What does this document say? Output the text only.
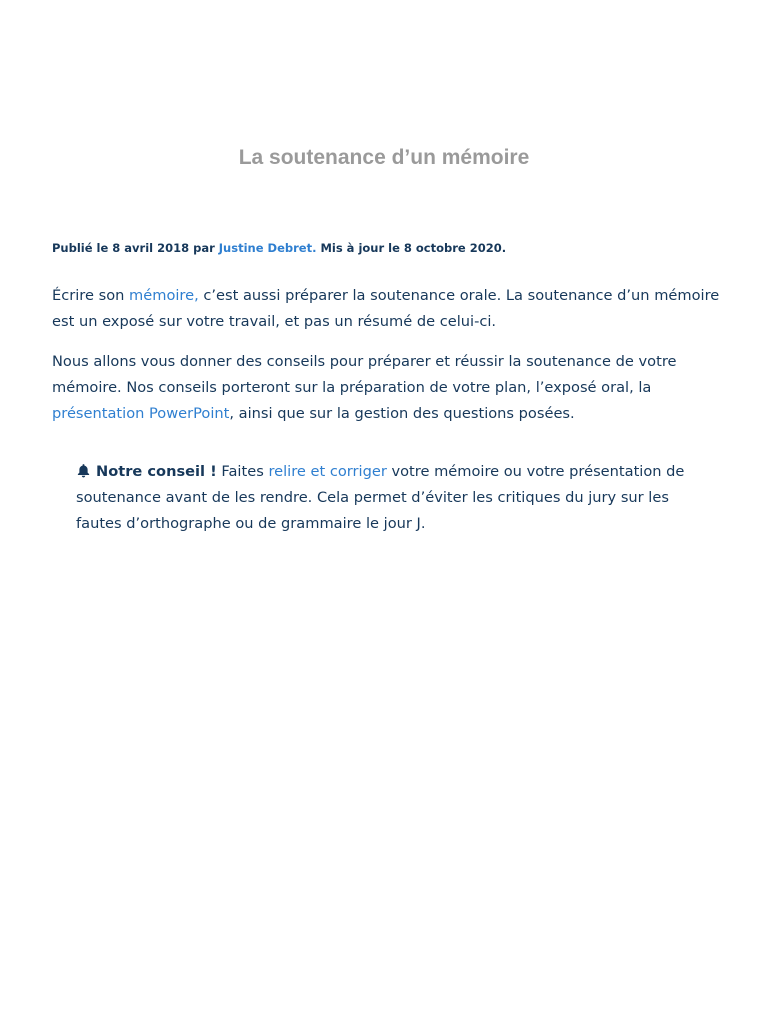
La soutenance d’un mémoire
Publié le 8 avril 2018 par Justine Debret. Mis à jour le 8 octobre 2020.

Écrire son mémoire, c’est aussi préparer la soutenance orale. La soutenance d’un mémoire est un exposé sur votre travail, et pas un résumé de celui-ci.

Nous allons vous donner des conseils pour préparer et réussir la soutenance de votre mémoire. Nos conseils porteront sur la préparation de votre plan, l’exposé oral, la présentation PowerPoint, ainsi que sur la gestion des questions posées.

Notre conseil ! Faites relire et corriger votre mémoire ou votre présentation de soutenance avant de les rendre. Cela permet d’éviter les critiques du jury sur les fautes d’orthographe ou de grammaire le jour J.
